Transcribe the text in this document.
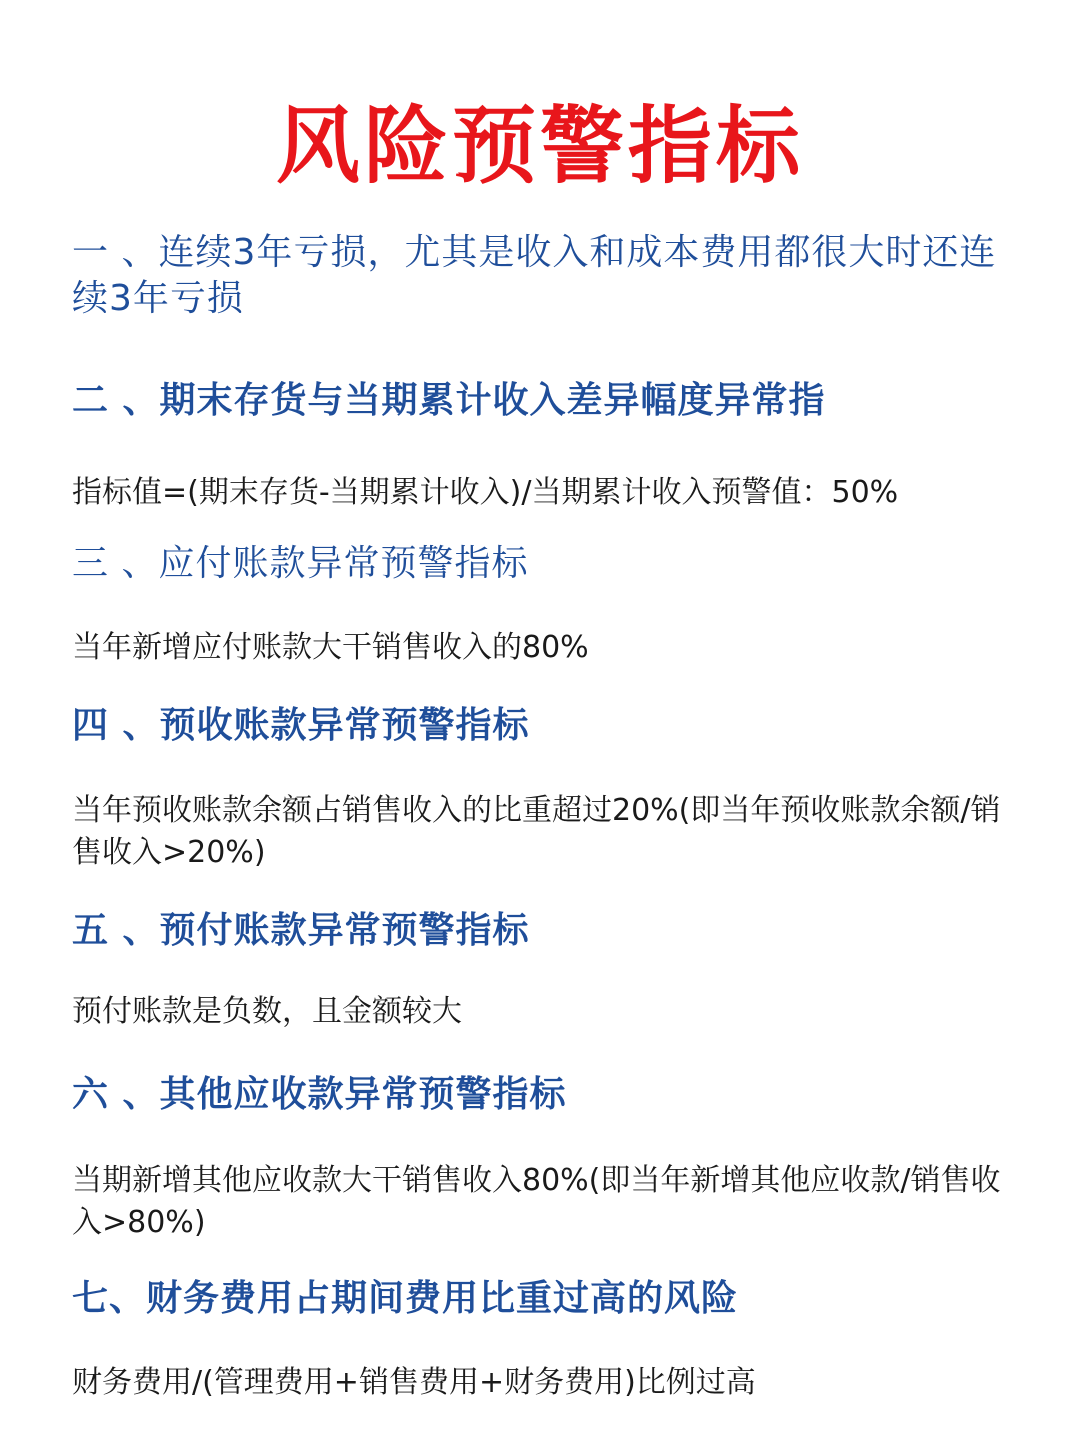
风险预警指标
一 、连续3年亏损，尤其是收入和成本费用都很大时还连续3年亏损
二 、期末存货与当期累计收入差异幅度异常指
指标值=(期末存货-当期累计收入)/当期累计收入预警值：50%
三 、应付账款异常预警指标
当年新增应付账款大干销售收入的80%
四 、预收账款异常预警指标
当年预收账款余额占销售收入的比重超过20%(即当年预收账款余额/销售收入>20%)
五 、预付账款异常预警指标
预付账款是负数，且金额较大
六 、其他应收款异常预警指标
当期新增其他应收款大干销售收入80%(即当年新增其他应收款/销售收入>80%)
七、财务费用占期间费用比重过高的风险
财务费用/(管理费用+销售费用+财务费用)比例过高
